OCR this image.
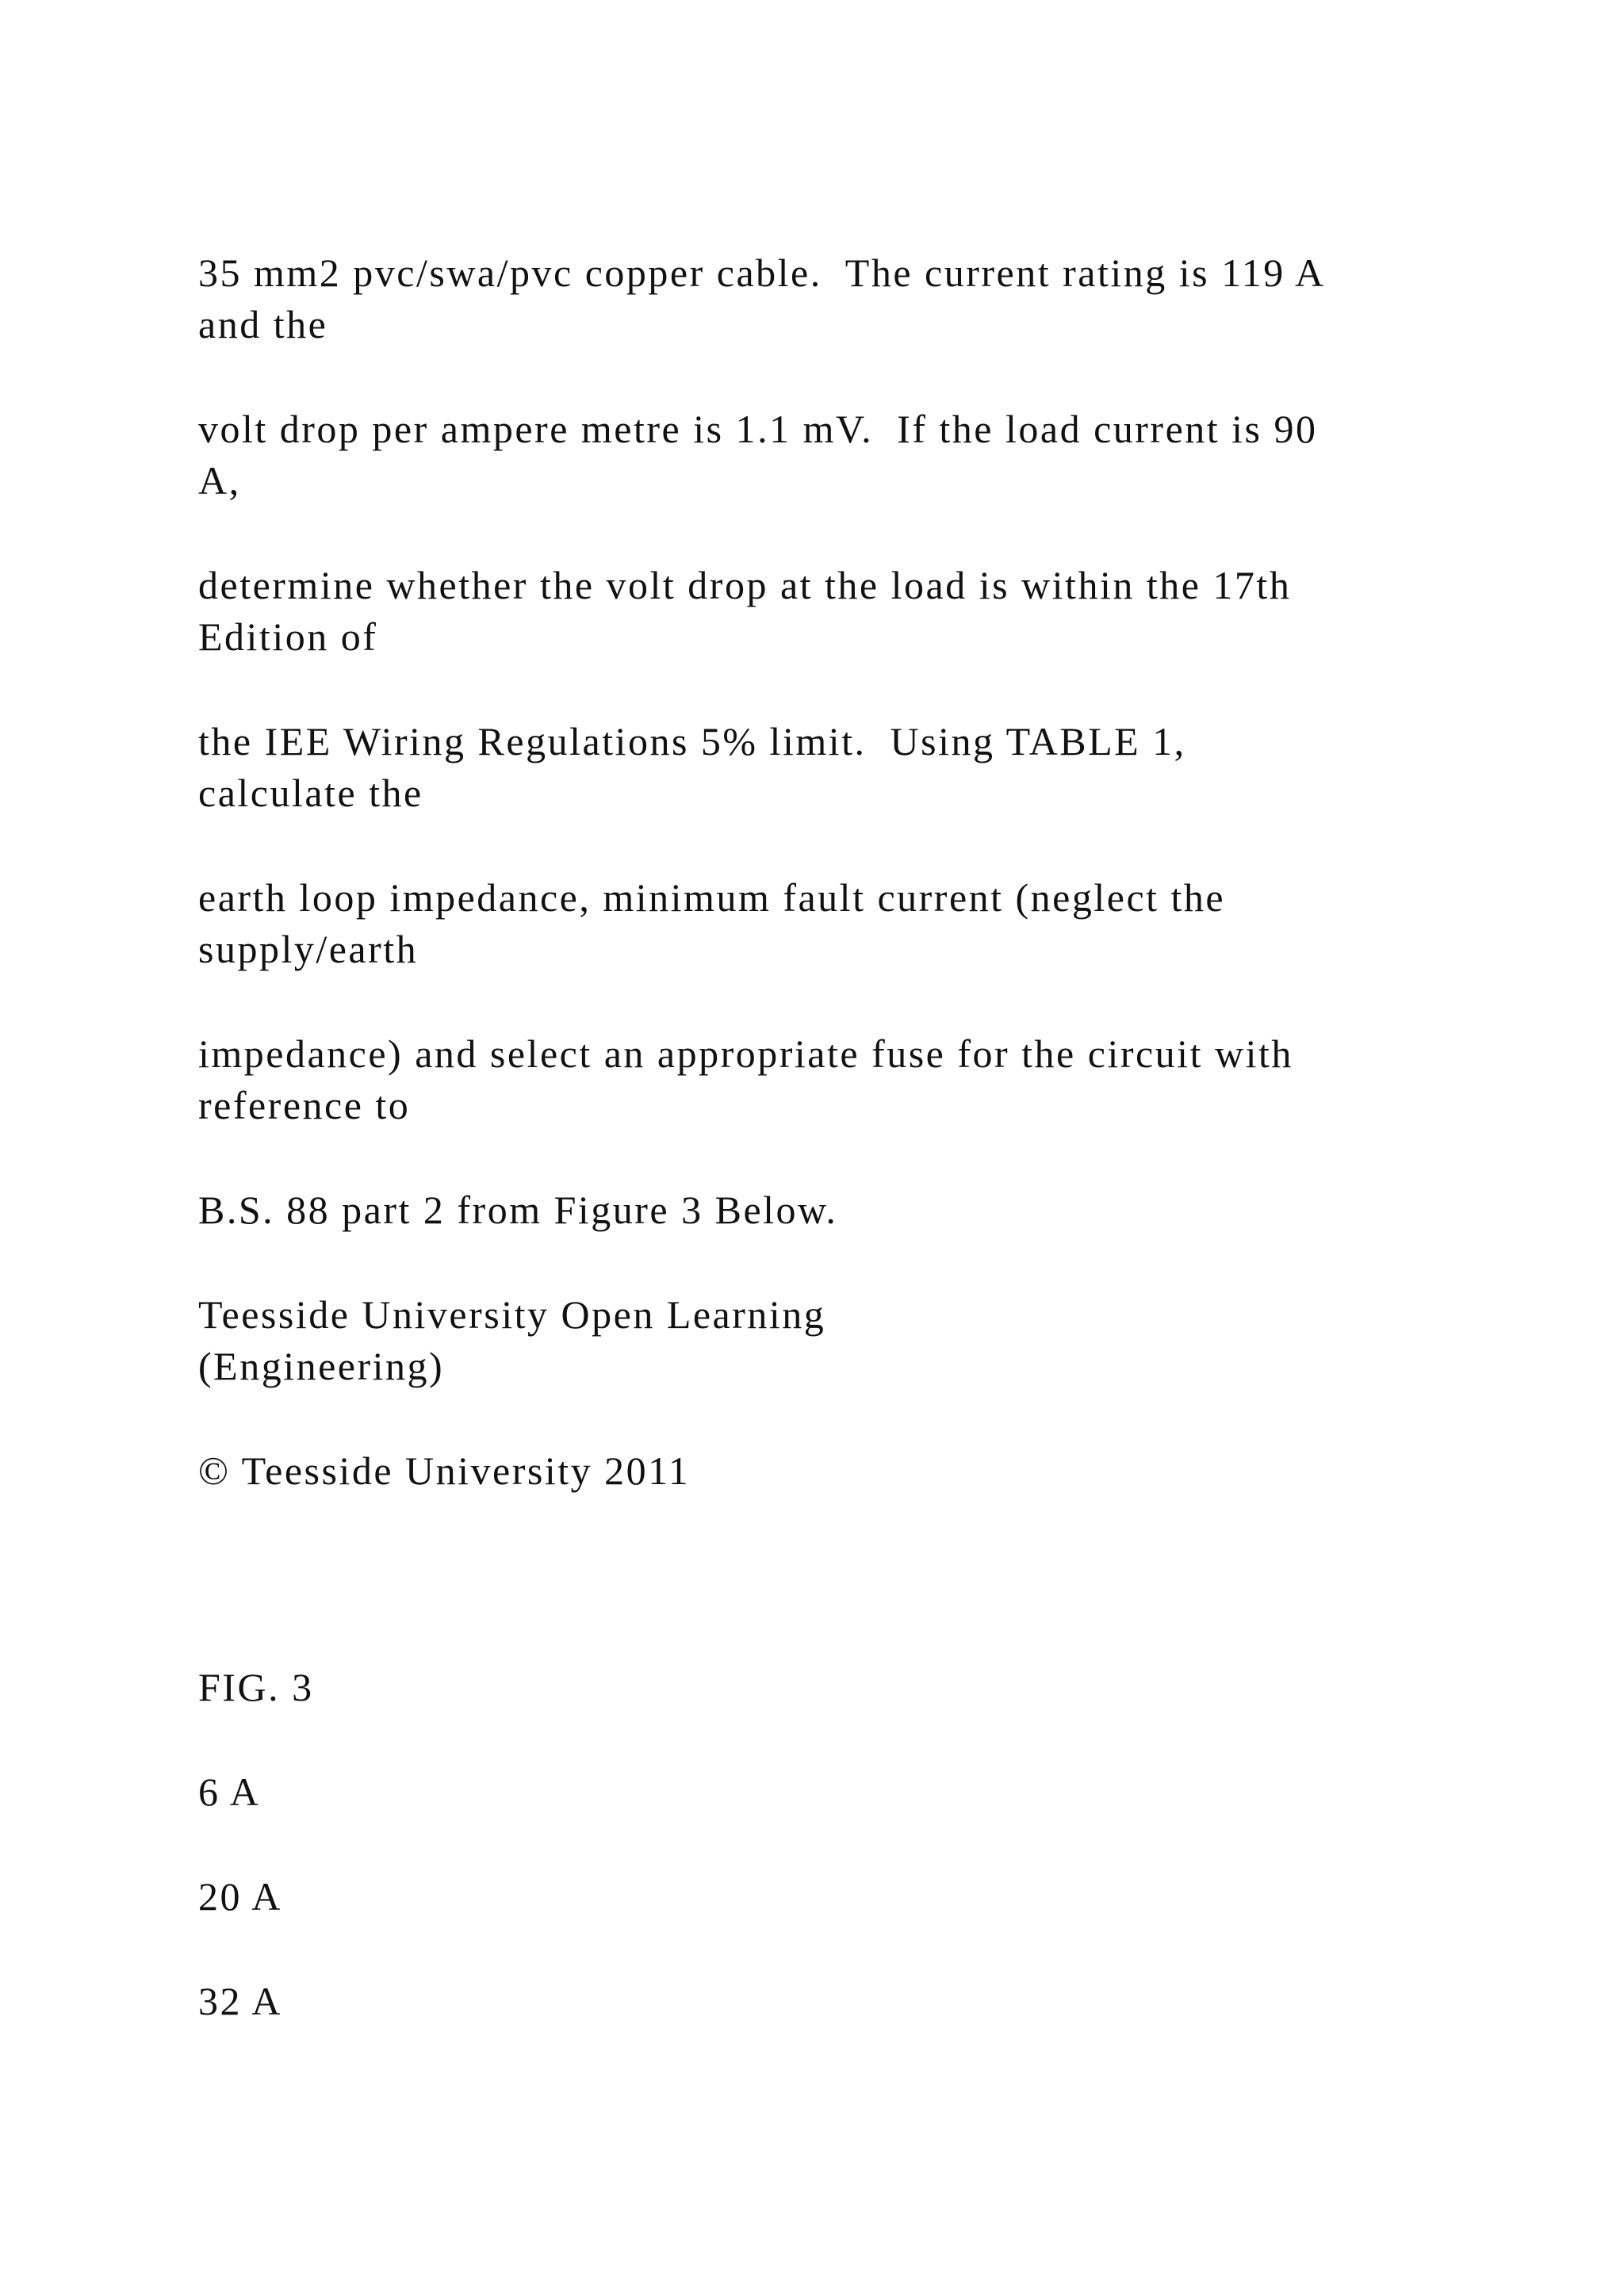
35 mm2 pvc/swa/pvc copper cable.  The current rating is 119 A
and the
volt drop per ampere metre is 1.1 mV.  If the load current is 90
A,
determine whether the volt drop at the load is within the 17th
Edition of
the IEE Wiring Regulations 5% limit.  Using TABLE 1,
calculate the
earth loop impedance, minimum fault current (neglect the
supply/earth
impedance) and select an appropriate fuse for the circuit with
reference to
B.S. 88 part 2 from Figure 3 Below.
Teesside University Open Learning
(Engineering)
© Teesside University 2011
FIG. 3
6 A
20 A
32 A
